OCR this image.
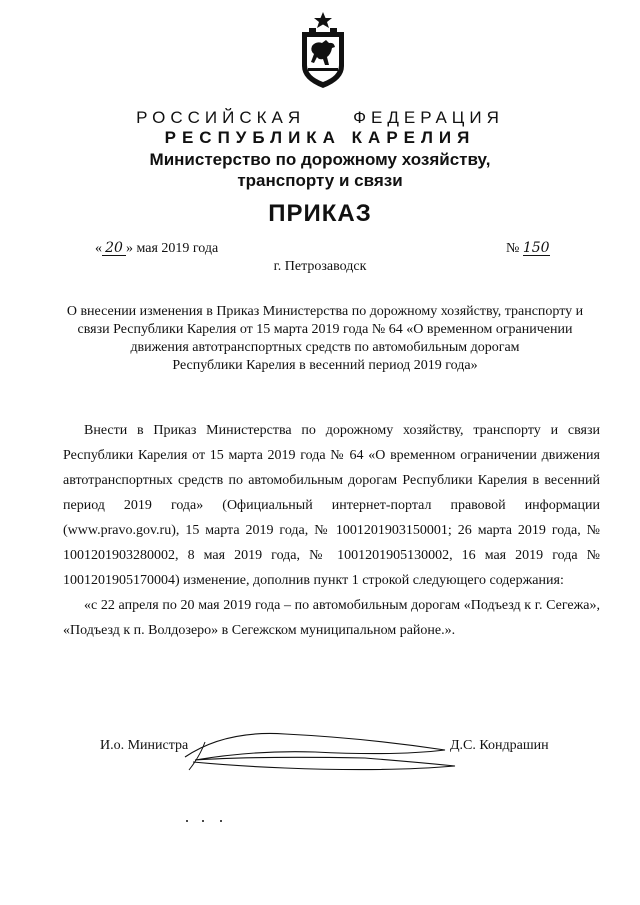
РОССИЙСКАЯ	ФЕДЕРАЦИЯ
РЕСПУБЛИКА КАРЕЛИЯ
Министерство по дорожному хозяйству,
транспорту и связи
ПРИКАЗ
« 20 » мая 2019 года	№ 150
г. Петрозаводск
О внесении изменения в Приказ Министерства по дорожному хозяйству, транспорту и
связи Республики Карелия от 15 марта 2019 года № 64 «О временном ограничении
движения автотранспортных средств по автомобильным дорогам
Республики Карелия в весенний период 2019 года»

Внести в Приказ Министерства по дорожному хозяйству, транспорту и связи Республики Карелия от 15 марта 2019 года № 64 «О временном ограничении движения автотранспортных средств по автомобильным дорогам Республики Карелия в весенний период 2019 года» (Официальный интернет-портал правовой информации (www.pravo.gov.ru), 15 марта 2019 года, № 1001201903150001; 26 марта 2019 года, № 1001201903280002, 8 мая 2019 года, № 1001201905130002, 16 мая 2019 года № 1001201905170004) изменение, дополнив пункт 1 строкой следующего содержания:

«с 22 апреля по 20 мая 2019 года – по автомобильным дорогам «Подъезд к г. Сегежа», «Подъезд к п. Волдозеро» в Сегежском муниципальном районе.».

И.о. Министра	Д.С. Кондрашин
